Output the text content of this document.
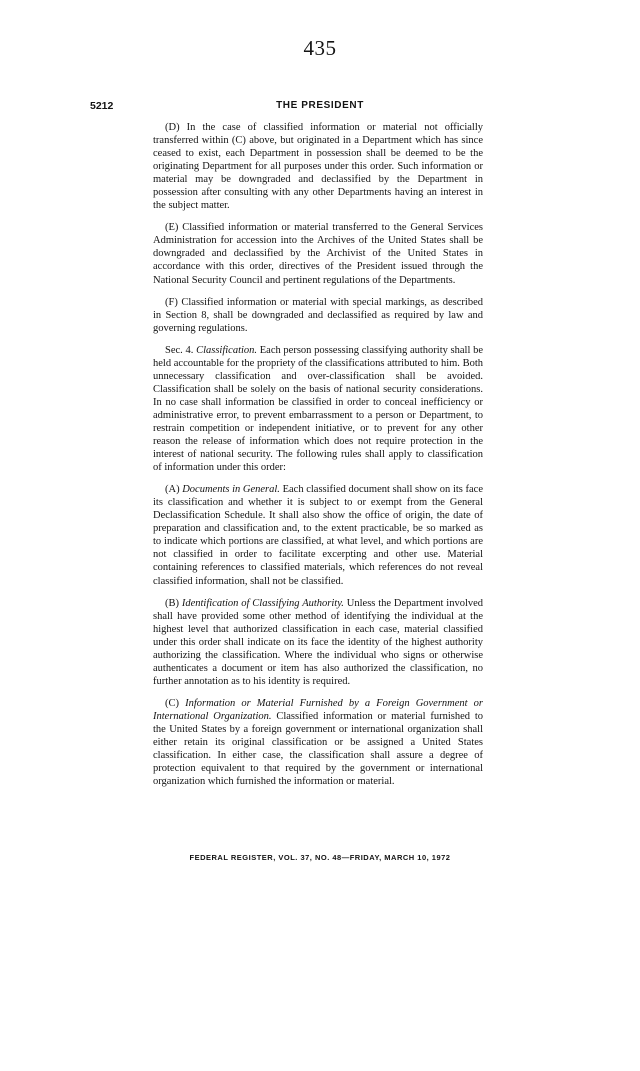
435
5212	THE PRESIDENT

(D) In the case of classified information or material not officially transferred within (C) above, but originated in a Department which has since ceased to exist, each Department in possession shall be deemed to be the originating Department for all purposes under this order. Such information or material may be downgraded and declassified by the Department in possession after consulting with any other Departments having an interest in the subject matter.

(E) Classified information or material transferred to the General Services Administration for accession into the Archives of the United States shall be downgraded and declassified by the Archivist of the United States in accordance with this order, directives of the President issued through the National Security Council and pertinent regulations of the Departments.

(F) Classified information or material with special markings, as described in Section 8, shall be downgraded and declassified as required by law and governing regulations.

Sec. 4. Classification. Each person possessing classifying authority shall be held accountable for the propriety of the classifications attributed to him. Both unnecessary classification and over-classification shall be avoided. Classification shall be solely on the basis of national security considerations. In no case shall information be classified in order to conceal inefficiency or administrative error, to prevent embarrassment to a person or Department, to restrain competition or independent initiative, or to prevent for any other reason the release of information which does not require protection in the interest of national security. The following rules shall apply to classification of information under this order:

(A) Documents in General. Each classified document shall show on its face its classification and whether it is subject to or exempt from the General Declassification Schedule. It shall also show the office of origin, the date of preparation and classification and, to the extent practicable, be so marked as to indicate which portions are classified, at what level, and which portions are not classified in order to facilitate excerpting and other use. Material containing references to classified materials, which references do not reveal classified information, shall not be classified.

(B) Identification of Classifying Authority. Unless the Department involved shall have provided some other method of identifying the individual at the highest level that authorized classification in each case, material classified under this order shall indicate on its face the identity of the highest authority authorizing the classification. Where the individual who signs or otherwise authenticates a document or item has also authorized the classification, no further annotation as to his identity is required.

(C) Information or Material Furnished by a Foreign Government or International Organization. Classified information or material furnished to the United States by a foreign government or international organization shall either retain its original classification or be assigned a United States classification. In either case, the classification shall assure a degree of protection equivalent to that required by the government or international organization which furnished the information or material.

FEDERAL REGISTER, VOL. 37, NO. 48—FRIDAY, MARCH 10, 1972
